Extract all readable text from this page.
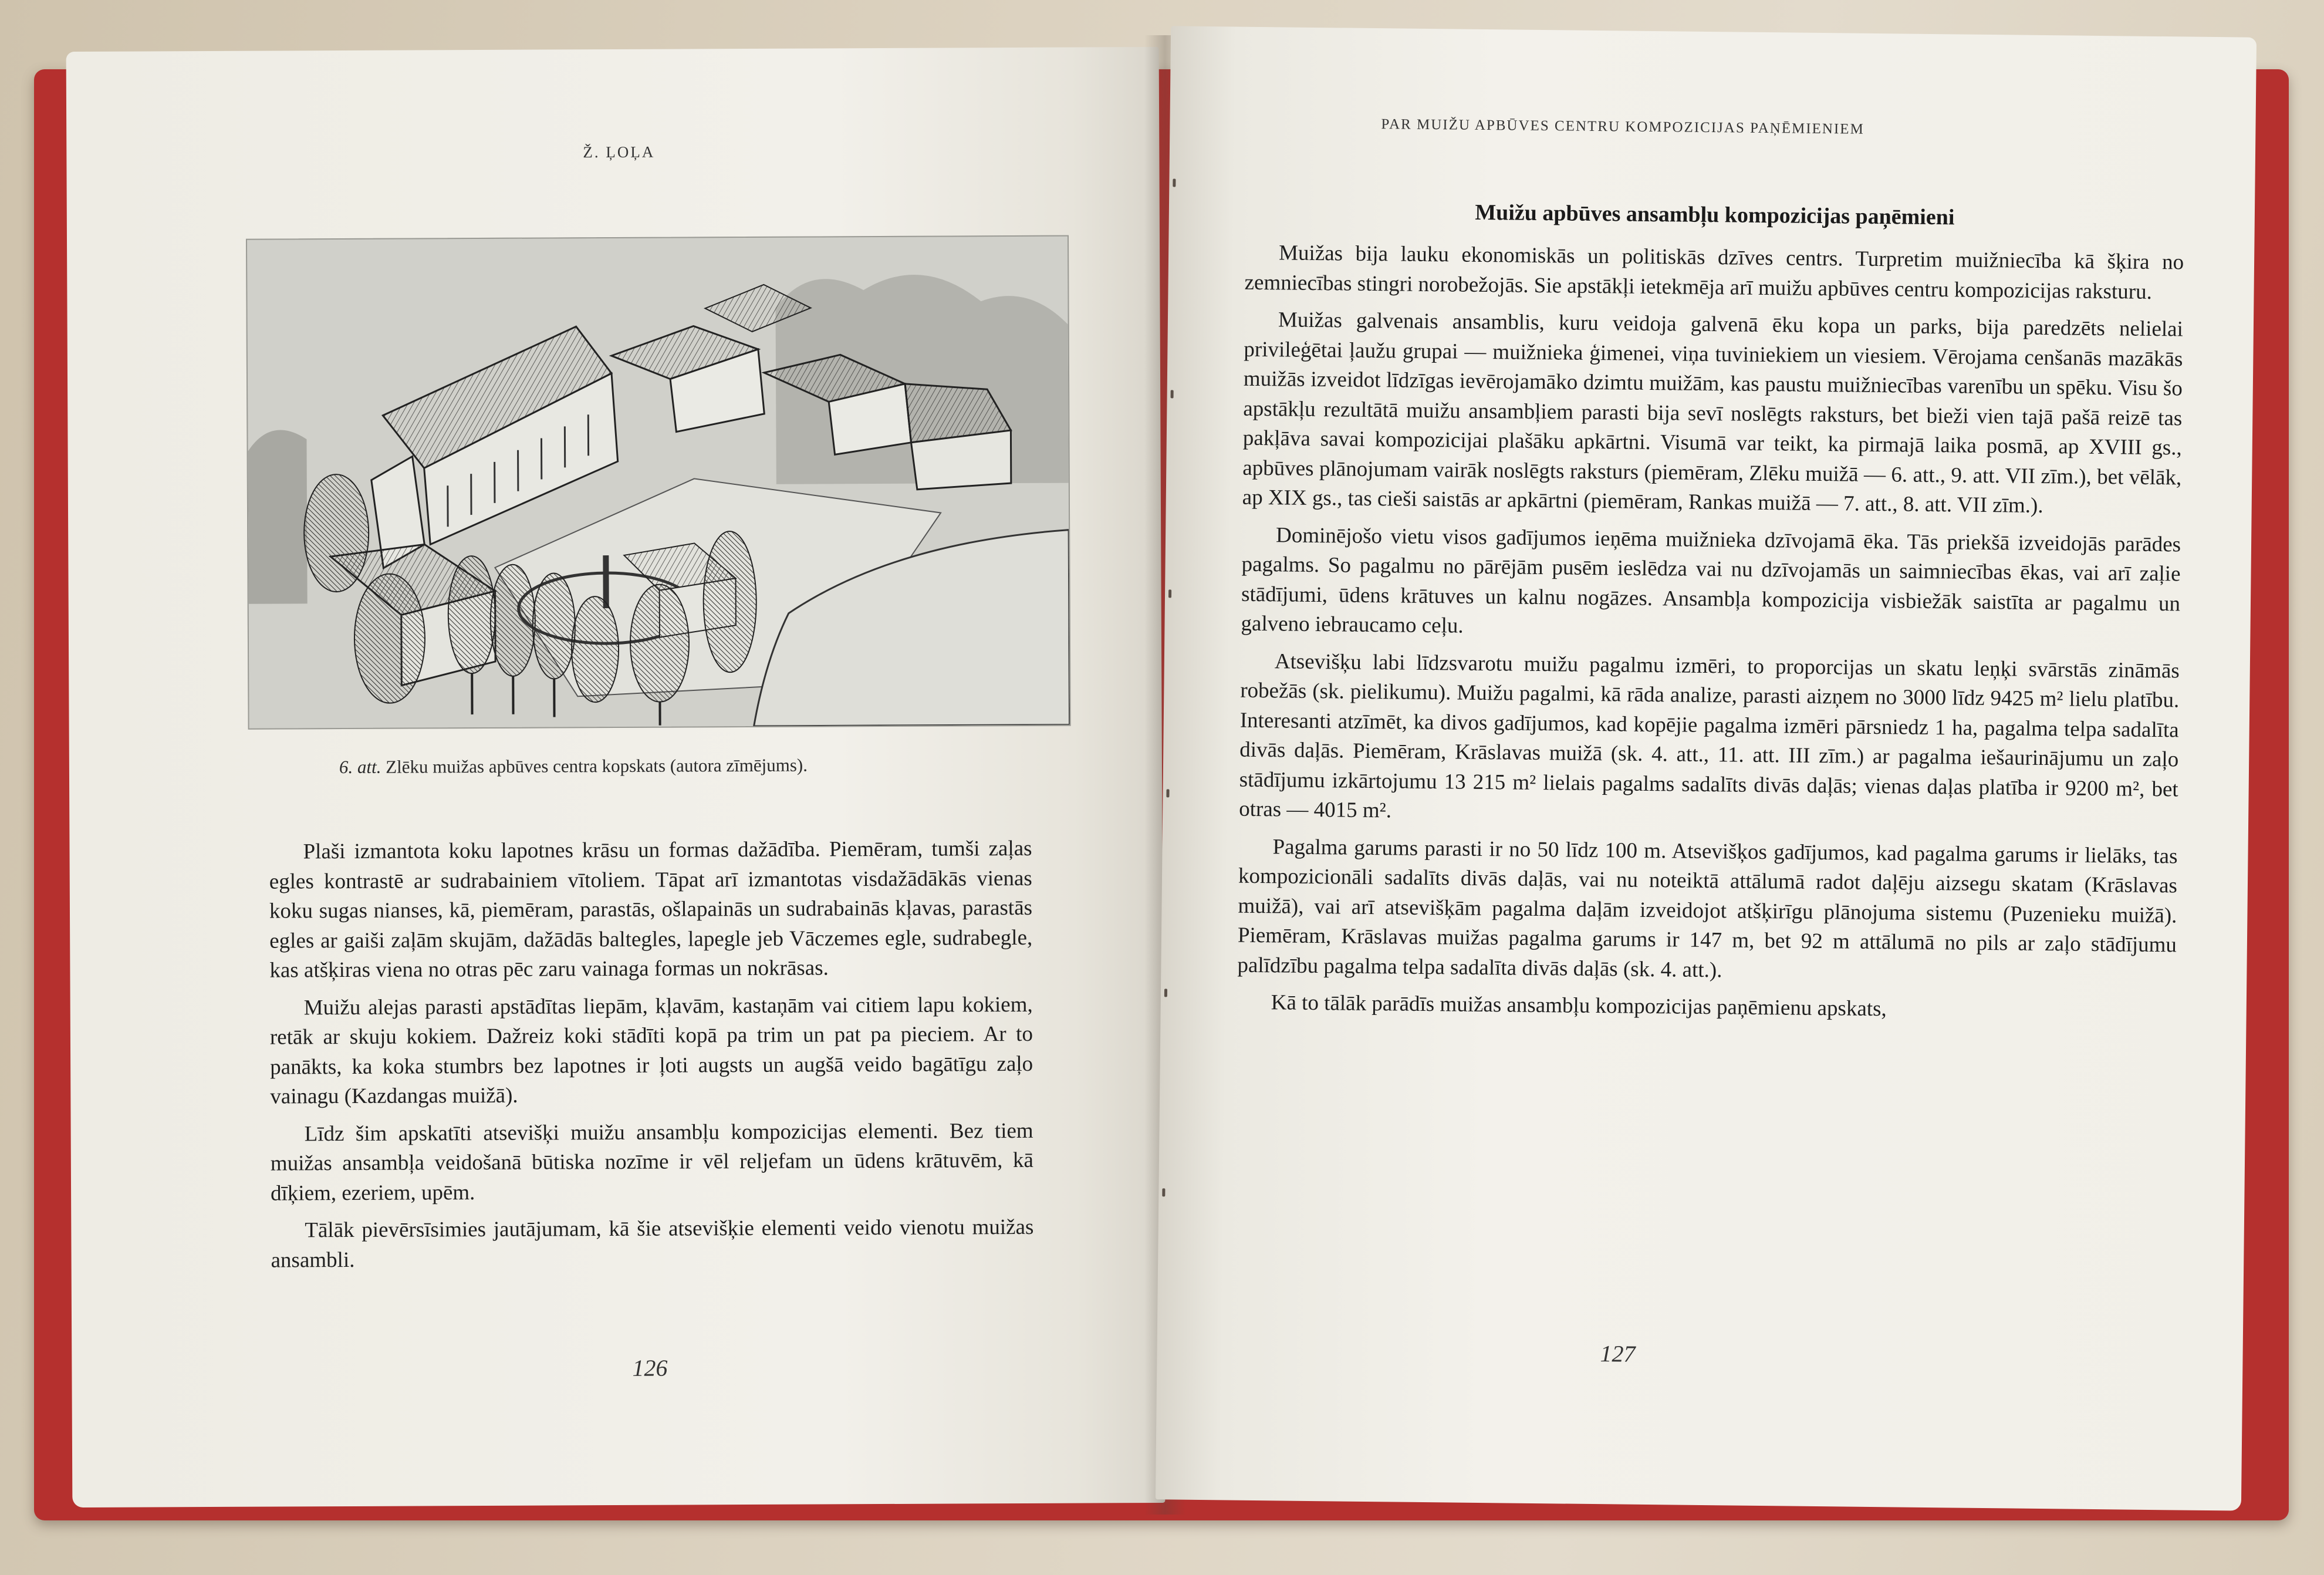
Ž. ĻOĻA
6. att. Zlēku muižas apbūves centra kopskats (autora zīmējums).

Plaši izmantota koku lapotnes krāsu un formas dažādība. Piemēram, tumši zaļas egles kontrastē ar sudrabainiem vītoliem. Tāpat arī izmantotas visdažādākās vienas koku sugas nianses, kā, piemēram, parastās, ošlapainās un sudrabainās kļavas, parastās egles ar gaiši zaļām skujām, dažādās baltegles, lapegle jeb Vāczemes egle, sudrabegle, kas atšķiras viena no otras pēc zaru vainaga formas un nokrāsas.

Muižu alejas parasti apstādītas liepām, kļavām, kastaņām vai citiem lapu kokiem, retāk ar skuju kokiem. Dažreiz koki stādīti kopā pa trim un pat pa pieciem. Ar to panākts, ka koka stumbrs bez lapotnes ir ļoti augsts un augšā veido bagātīgu zaļo vainagu (Kazdangas muižā).

Līdz šim apskatīti atsevišķi muižu ansambļu kompozicijas elementi. Bez tiem muižas ansambļa veidošanā būtiska nozīme ir vēl reljefam un ūdens krātuvēm, kā dīķiem, ezeriem, upēm.

Tālāk pievērsīsimies jautājumam, kā šie atsevišķie elementi veido vienotu muižas ansambli.

126
PAR MUIŽU APBŪVES CENTRU KOMPOZICIJAS PAŅĒMIENIEM
Muižu apbūves ansambļu kompozicijas paņēmieni

Muižas bija lauku ekonomiskās un politiskās dzīves centrs. Turpretim muižniecība kā šķira no zemniecības stingri norobežojās. Sie apstākļi ietekmēja arī muižu apbūves centru kompozicijas raksturu.

Muižas galvenais ansamblis, kuru veidoja galvenā ēku kopa un parks, bija paredzēts nelielai privileģētai ļaužu grupai — muižnieka ģimenei, viņa tuviniekiem un viesiem. Vērojama cenšanās mazākās muižās izveidot līdzīgas ievērojamāko dzimtu muižām, kas paustu muižniecības varenību un spēku. Visu šo apstākļu rezultātā muižu ansambļiem parasti bija sevī noslēgts raksturs, bet bieži vien tajā pašā reizē tas pakļāva savai kompozicijai plašāku apkārtni. Visumā var teikt, ka pirmajā laika posmā, ap XVIII gs., apbūves plānojumam vairāk noslēgts raksturs (piemēram, Zlēku muižā — 6. att., 9. att. VII zīm.), bet vēlāk, ap XIX gs., tas cieši saistās ar apkārtni (piemēram, Rankas muižā — 7. att., 8. att. VII zīm.).

Dominējošo vietu visos gadījumos ieņēma muižnieka dzīvojamā ēka. Tās priekšā izveidojās parādes pagalms. So pagalmu no pārējām pusēm ieslēdza vai nu dzīvojamās un saimniecības ēkas, vai arī zaļie stādījumi, ūdens krātuves un kalnu nogāzes. Ansambļa kompozicija visbiežāk saistīta ar pagalmu un galveno iebraucamo ceļu.

Atsevišķu labi līdzsvarotu muižu pagalmu izmēri, to proporcijas un skatu leņķi svārstās zināmās robežās (sk. pielikumu). Muižu pagalmi, kā rāda analize, parasti aizņem no 3000 līdz 9425 m² lielu platību. Interesanti atzīmēt, ka divos gadījumos, kad kopējie pagalma izmēri pārsniedz 1 ha, pagalma telpa sadalīta divās daļās. Piemēram, Krāslavas muižā (sk. 4. att., 11. att. III zīm.) ar pagalma iešaurinājumu un zaļo stādījumu izkārtojumu 13 215 m² lielais pagalms sadalīts divās daļās; vienas daļas platība ir 9200 m², bet otras — 4015 m².

Pagalma garums parasti ir no 50 līdz 100 m. Atsevišķos gadījumos, kad pagalma garums ir lielāks, tas kompozicionāli sadalīts divās daļās, vai nu noteiktā attālumā radot daļēju aizsegu skatam (Krāslavas muižā), vai arī atsevišķām pagalma daļām izveidojot atšķirīgu plānojuma sistemu (Puzenieku muižā). Piemēram, Krāslavas muižas pagalma garums ir 147 m, bet 92 m attālumā no pils ar zaļo stādījumu palīdzību pagalma telpa sadalīta divās daļās (sk. 4. att.).

Kā to tālāk parādīs muižas ansambļu kompozicijas paņēmienu apskats,

127
